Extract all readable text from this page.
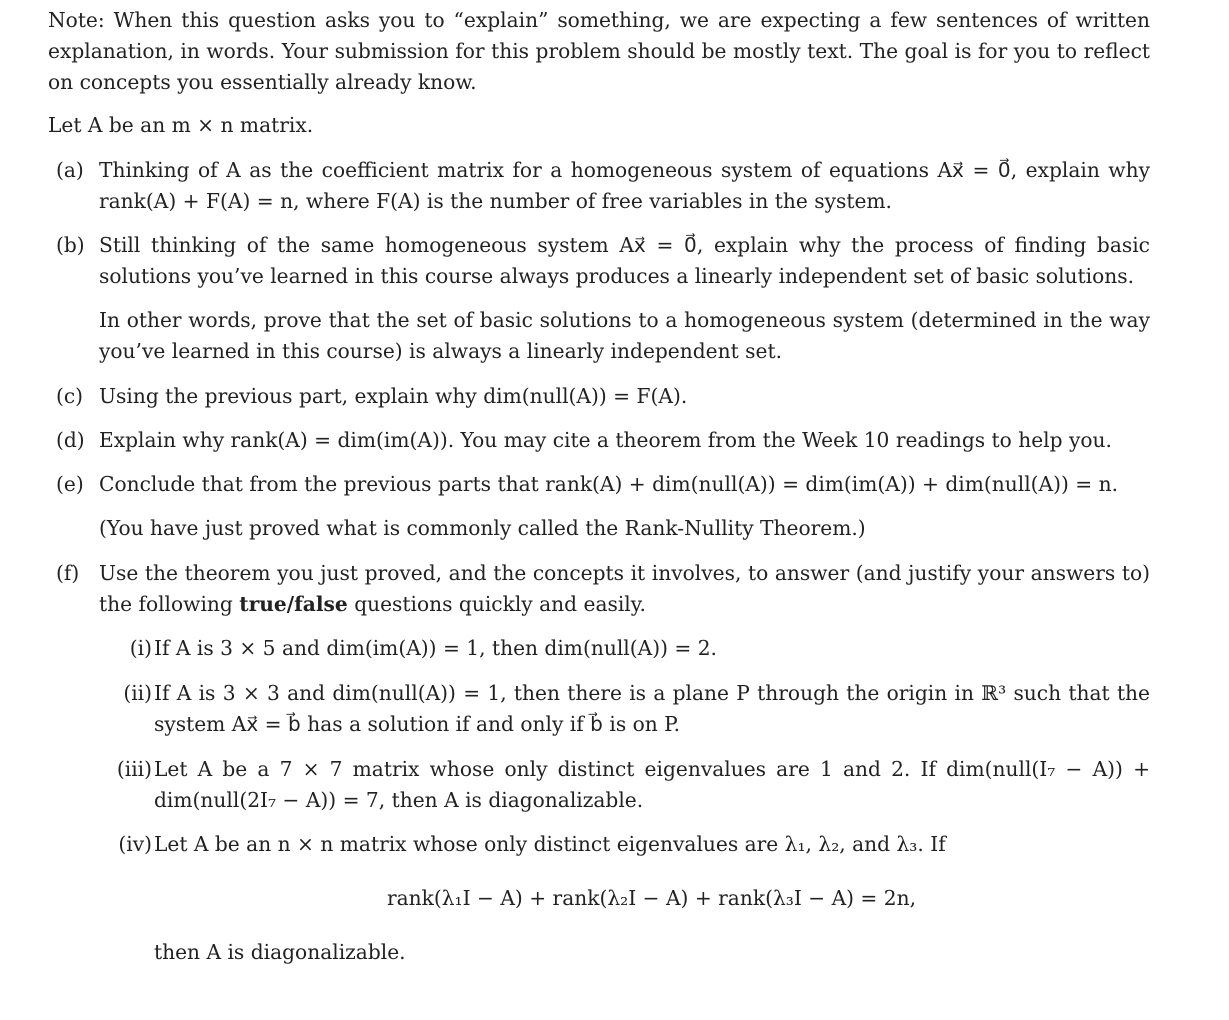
Note: When this question asks you to “explain” something, we are expecting a few sentences of written explanation, in words. Your submission for this problem should be mostly text. The goal is for you to reflect on concepts you essentially already know.

Let A be an m × n matrix.

(a) Thinking of A as the coefficient matrix for a homogeneous system of equations Ax⃗ = 0⃗, explain why rank(A) + F(A) = n, where F(A) is the number of free variables in the system.
(b) Still thinking of the same homogeneous system Ax⃗ = 0⃗, explain why the process of finding basic solutions you’ve learned in this course always produces a linearly independent set of basic solutions.
In other words, prove that the set of basic solutions to a homogeneous system (determined in the way you’ve learned in this course) is always a linearly independent set.
(c) Using the previous part, explain why dim(null(A)) = F(A).
(d) Explain why rank(A) = dim(im(A)). You may cite a theorem from the Week 10 readings to help you.
(e) Conclude that from the previous parts that rank(A) + dim(null(A)) = dim(im(A)) + dim(null(A)) = n.
(You have just proved what is commonly called the Rank-Nullity Theorem.)
(f) Use the theorem you just proved, and the concepts it involves, to answer (and justify your answers to) the following true/false questions quickly and easily.
(i) If A is 3 × 5 and dim(im(A)) = 1, then dim(null(A)) = 2.
(ii) If A is 3 × 3 and dim(null(A)) = 1, then there is a plane P through the origin in ℝ³ such that the system Ax⃗ = b⃗ has a solution if and only if b⃗ is on P.
(iii) Let A be a 7 × 7 matrix whose only distinct eigenvalues are 1 and 2. If dim(null(I₇ − A)) + dim(null(2I₇ − A)) = 7, then A is diagonalizable.
(iv) Let A be an n × n matrix whose only distinct eigenvalues are λ₁, λ₂, and λ₃. If
rank(λ₁I − A) + rank(λ₂I − A) + rank(λ₃I − A) = 2n,
then A is diagonalizable.
